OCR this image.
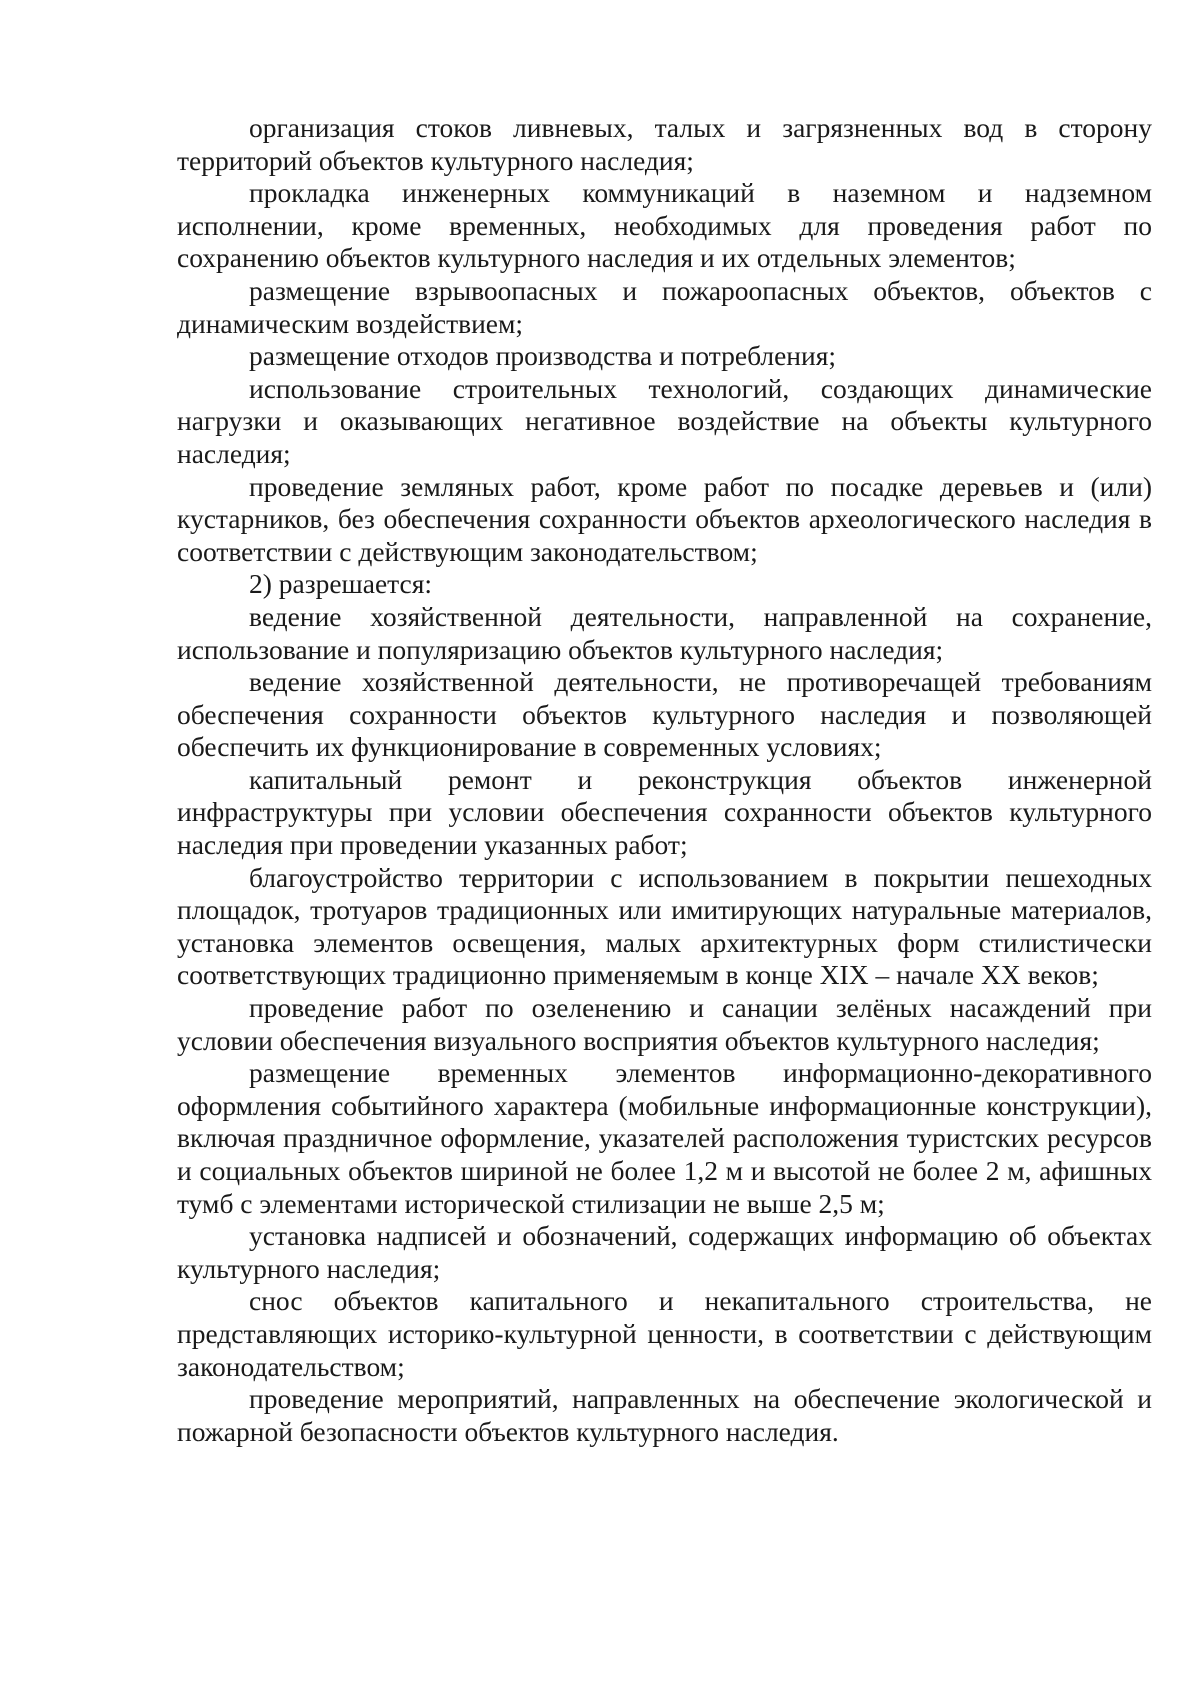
организация стоков ливневых, талых и загрязненных вод в сторону территорий объектов культурного наследия;

прокладка инженерных коммуникаций в наземном и надземном исполнении, кроме временных, необходимых для проведения работ по сохранению объектов культурного наследия и их отдельных элементов;

размещение взрывоопасных и пожароопасных объектов, объектов с динамическим воздействием;

размещение отходов производства и потребления;

использование строительных технологий, создающих динамические нагрузки и оказывающих негативное воздействие на объекты культурного наследия;

проведение земляных работ, кроме работ по посадке деревьев и (или) кустарников, без обеспечения сохранности объектов археологического наследия в соответствии с действующим законодательством;

2) разрешается:

ведение хозяйственной деятельности, направленной на сохранение, использование и популяризацию объектов культурного наследия;

ведение хозяйственной деятельности, не противоречащей требованиям обеспечения сохранности объектов культурного наследия и позволяющей обеспечить их функционирование в современных условиях;

капитальный ремонт и реконструкция объектов инженерной инфраструктуры при условии обеспечения сохранности объектов культурного наследия при проведении указанных работ;

благоустройство территории с использованием в покрытии пешеходных площадок, тротуаров традиционных или имитирующих натуральные материалов, установка элементов освещения, малых архитектурных форм стилистически соответствующих традиционно применяемым в конце XIX – начале XX веков;

проведение работ по озеленению и санации зелёных насаждений при условии обеспечения визуального восприятия объектов культурного наследия;

размещение временных элементов информационно-декоративного оформления событийного характера (мобильные информационные конструкции), включая праздничное оформление, указателей расположения туристских ресурсов и социальных объектов шириной не более 1,2 м и высотой не более 2 м, афишных тумб с элементами исторической стилизации не выше 2,5 м;

установка надписей и обозначений, содержащих информацию об объектах культурного наследия;

снос объектов капитального и некапитального строительства, не представляющих историко-культурной ценности, в соответствии с действующим законодательством;

проведение мероприятий, направленных на обеспечение экологической и пожарной безопасности объектов культурного наследия.
